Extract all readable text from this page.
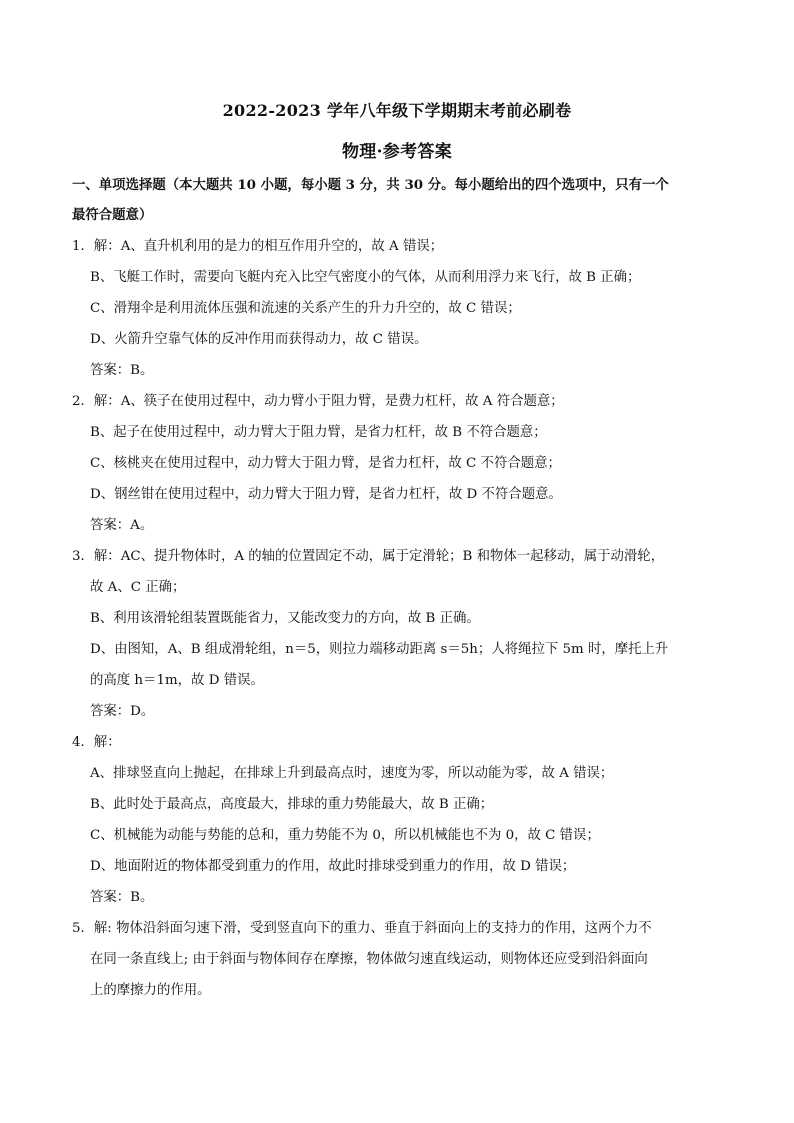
2022-2023 学年八年级下学期期末考前必刷卷
物理·参考答案
一、单项选择题（本大题共 10 小题，每小题 3 分，共 30 分。每小题给出的四个选项中，只有一个
最符合题意）
1．解：A、直升机利用的是力的相互作用升空的，故 A 错误；
B、飞艇工作时，需要向飞艇内充入比空气密度小的气体，从而利用浮力来飞行，故 B 正确；
C、滑翔伞是利用流体压强和流速的关系产生的升力升空的，故 C 错误；
D、火箭升空靠气体的反冲作用而获得动力，故 C 错误。
答案：B。
2．解：A、筷子在使用过程中，动力臂小于阻力臂，是费力杠杆，故 A 符合题意；
B、起子在使用过程中，动力臂大于阻力臂，是省力杠杆，故 B 不符合题意；
C、核桃夹在使用过程中，动力臂大于阻力臂，是省力杠杆，故 C 不符合题意；
D、钢丝钳在使用过程中，动力臂大于阻力臂，是省力杠杆，故 D 不符合题意。
答案：A。
3．解：AC、提升物体时，A 的轴的位置固定不动，属于定滑轮；B 和物体一起移动，属于动滑轮，
故 A、C 正确；
B、利用该滑轮组装置既能省力，又能改变力的方向，故 B 正确。
D、由图知，A、B 组成滑轮组，n＝5，则拉力端移动距离 s＝5h；人将绳拉下 5m 时，摩托上升
的高度 h＝1m，故 D 错误。
答案：D。
4．解：
A、排球竖直向上抛起，在排球上升到最高点时，速度为零，所以动能为零，故 A 错误；
B、此时处于最高点，高度最大，排球的重力势能最大，故 B 正确；
C、机械能为动能与势能的总和，重力势能不为 0，所以机械能也不为 0，故 C 错误；
D、地面附近的物体都受到重力的作用，故此时排球受到重力的作用，故 D 错误；
答案：B。
5．解: 物体沿斜面匀速下滑，受到竖直向下的重力、垂直于斜面向上的支持力的作用，这两个力不
在同一条直线上; 由于斜面与物体间存在摩擦，物体做匀速直线运动，则物体还应受到沿斜面向
上的摩擦力的作用。
